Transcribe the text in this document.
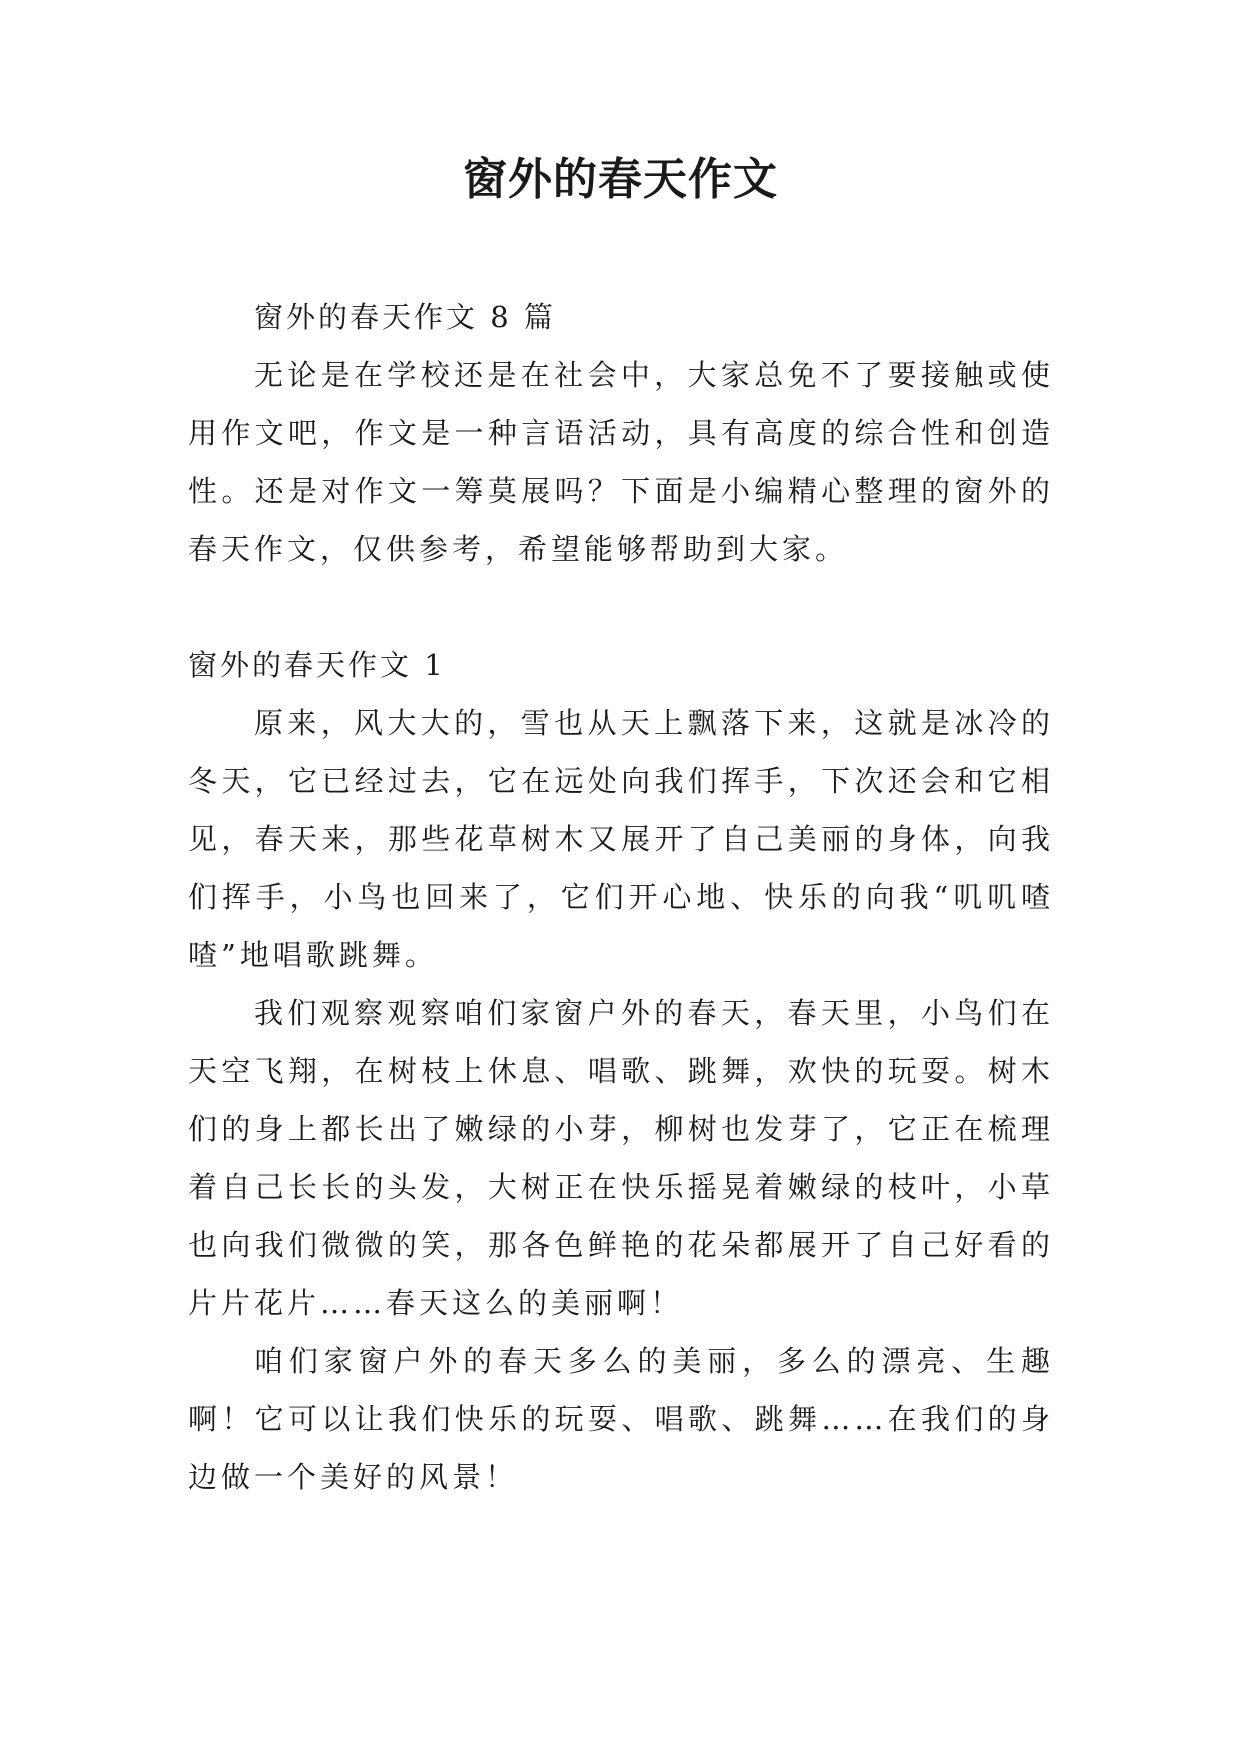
窗外的春天作文

窗外的春天作文 8 篇

无论是在学校还是在社会中，大家总免不了要接触或使用作文吧，作文是一种言语活动，具有高度的综合性和创造性。还是对作文一筹莫展吗？下面是小编精心整理的窗外的春天作文，仅供参考，希望能够帮助到大家。

窗外的春天作文 1

原来，风大大的，雪也从天上飘落下来，这就是冰冷的冬天，它已经过去，它在远处向我们挥手，下次还会和它相见，春天来，那些花草树木又展开了自己美丽的身体，向我们挥手，小鸟也回来了，它们开心地、快乐的向我“叽叽喳喳”地唱歌跳舞。

我们观察观察咱们家窗户外的春天，春天里，小鸟们在天空飞翔，在树枝上休息、唱歌、跳舞，欢快的玩耍。树木们的身上都长出了嫩绿的小芽，柳树也发芽了，它正在梳理着自己长长的头发，大树正在快乐摇晃着嫩绿的枝叶，小草也向我们微微的笑，那各色鲜艳的花朵都展开了自己好看的片片花片……春天这么的美丽啊！

咱们家窗户外的春天多么的美丽，多么的漂亮、生趣啊！它可以让我们快乐的玩耍、唱歌、跳舞……在我们的身边做一个美好的风景！
